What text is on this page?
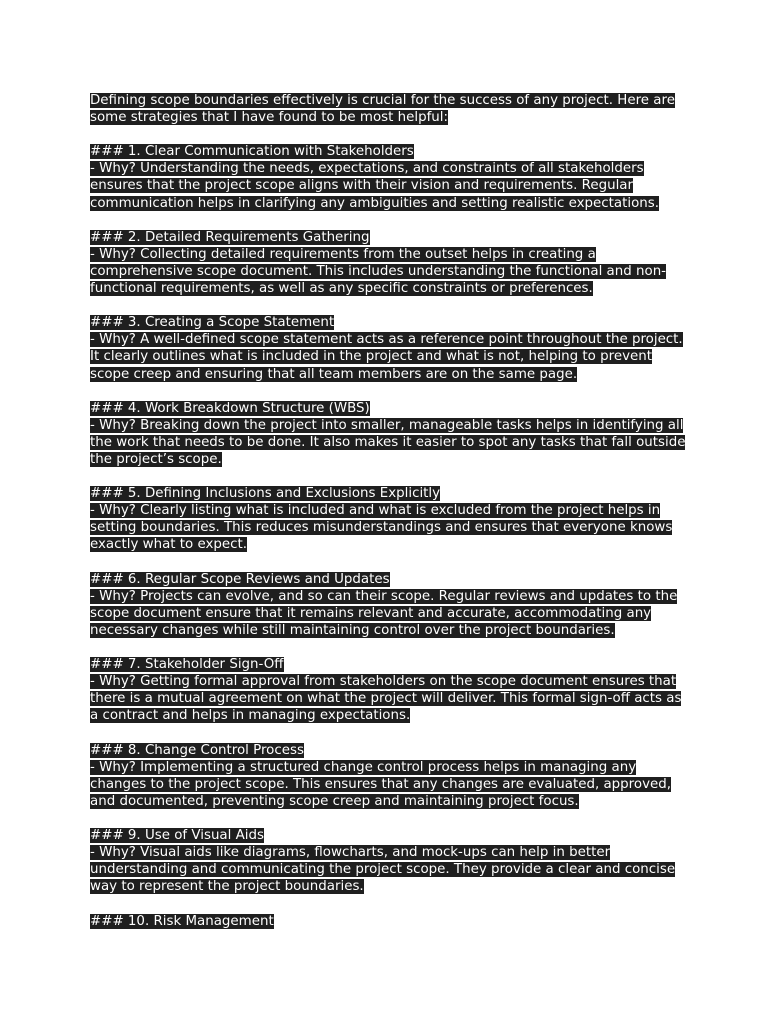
Defining scope boundaries effectively is crucial for the success of any project. Here are
some strategies that I have found to be most helpful:
### 1. Clear Communication with Stakeholders
- Why? Understanding the needs, expectations, and constraints of all stakeholders
ensures that the project scope aligns with their vision and requirements. Regular
communication helps in clarifying any ambiguities and setting realistic expectations.
### 2. Detailed Requirements Gathering
- Why? Collecting detailed requirements from the outset helps in creating a
comprehensive scope document. This includes understanding the functional and non-
functional requirements, as well as any specific constraints or preferences.
### 3. Creating a Scope Statement
- Why? A well-defined scope statement acts as a reference point throughout the project.
It clearly outlines what is included in the project and what is not, helping to prevent
scope creep and ensuring that all team members are on the same page.
### 4. Work Breakdown Structure (WBS)
- Why? Breaking down the project into smaller, manageable tasks helps in identifying all
the work that needs to be done. It also makes it easier to spot any tasks that fall outside
the project’s scope.
### 5. Defining Inclusions and Exclusions Explicitly
- Why? Clearly listing what is included and what is excluded from the project helps in
setting boundaries. This reduces misunderstandings and ensures that everyone knows
exactly what to expect.
### 6. Regular Scope Reviews and Updates
- Why? Projects can evolve, and so can their scope. Regular reviews and updates to the
scope document ensure that it remains relevant and accurate, accommodating any
necessary changes while still maintaining control over the project boundaries.
### 7. Stakeholder Sign-Off
- Why? Getting formal approval from stakeholders on the scope document ensures that
there is a mutual agreement on what the project will deliver. This formal sign-off acts as
a contract and helps in managing expectations.
### 8. Change Control Process
- Why? Implementing a structured change control process helps in managing any
changes to the project scope. This ensures that any changes are evaluated, approved,
and documented, preventing scope creep and maintaining project focus.
### 9. Use of Visual Aids
- Why? Visual aids like diagrams, flowcharts, and mock-ups can help in better
understanding and communicating the project scope. They provide a clear and concise
way to represent the project boundaries.
### 10. Risk Management
